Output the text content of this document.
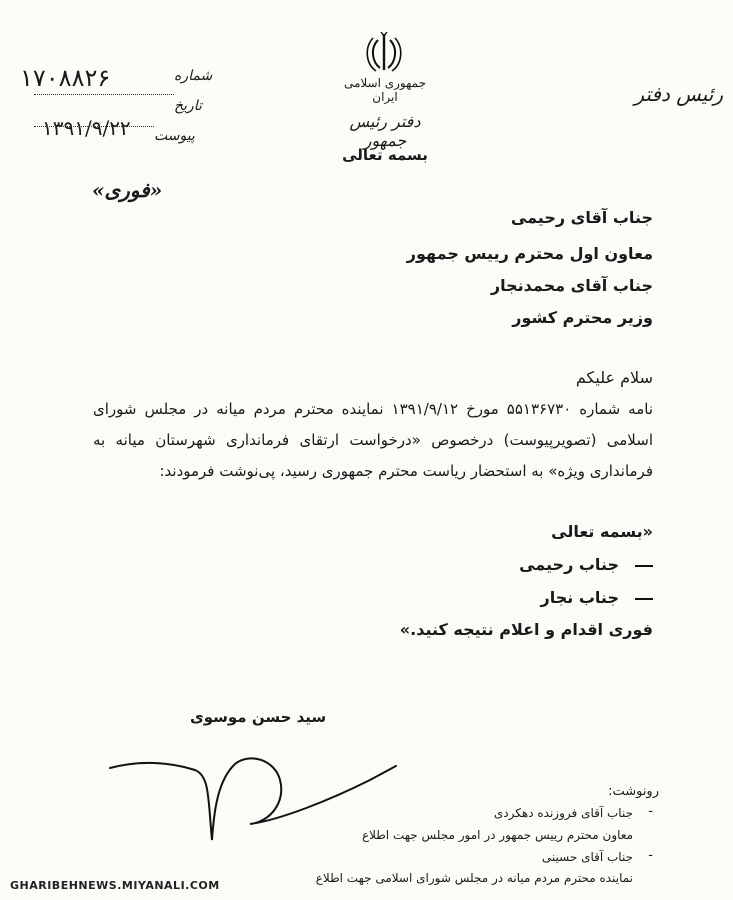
جمهوری اسلامی ایران
دفتر رئیس جمهور
بسمه تعالی
رئیس دفتر
شماره
۱۷۰۸۸۲۶
تاریخ
۱۳۹۱/۹/۲۲ پیوست
«فوری»
جناب آقای رحیمی
معاون اول محترم رییس جمهور
جناب آقای محمدنجار
وزیر محترم کشور
سلام علیکم
نامه شماره ۵۵۱۳۶۷۳۰ مورخ ۱۳۹۱/۹/۱۲ نماینده محترم مردم میانه در مجلس شورای اسلامی (تصویرپیوست) درخصوص «درخواست ارتقای فرمانداری شهرستان میانه به فرمانداری ویژه» به استحضار ریاست محترم جمهوری رسید، پی‌نوشت فرمودند:
«بسمه تعالی
جناب رحیمی
جناب نجار
فوری اقدام و اعلام نتیجه کنید.»
سید حسن موسوی
رونوشت:
-
-
جناب آقای فروزنده دهکردی
معاون محترم رییس جمهور در امور مجلس جهت اطلاع
جناب آقای حسینی
نماینده محترم مردم میانه در مجلس شورای اسلامی جهت اطلاع
GHARIBEHNEWS.MIYANALI.COM
